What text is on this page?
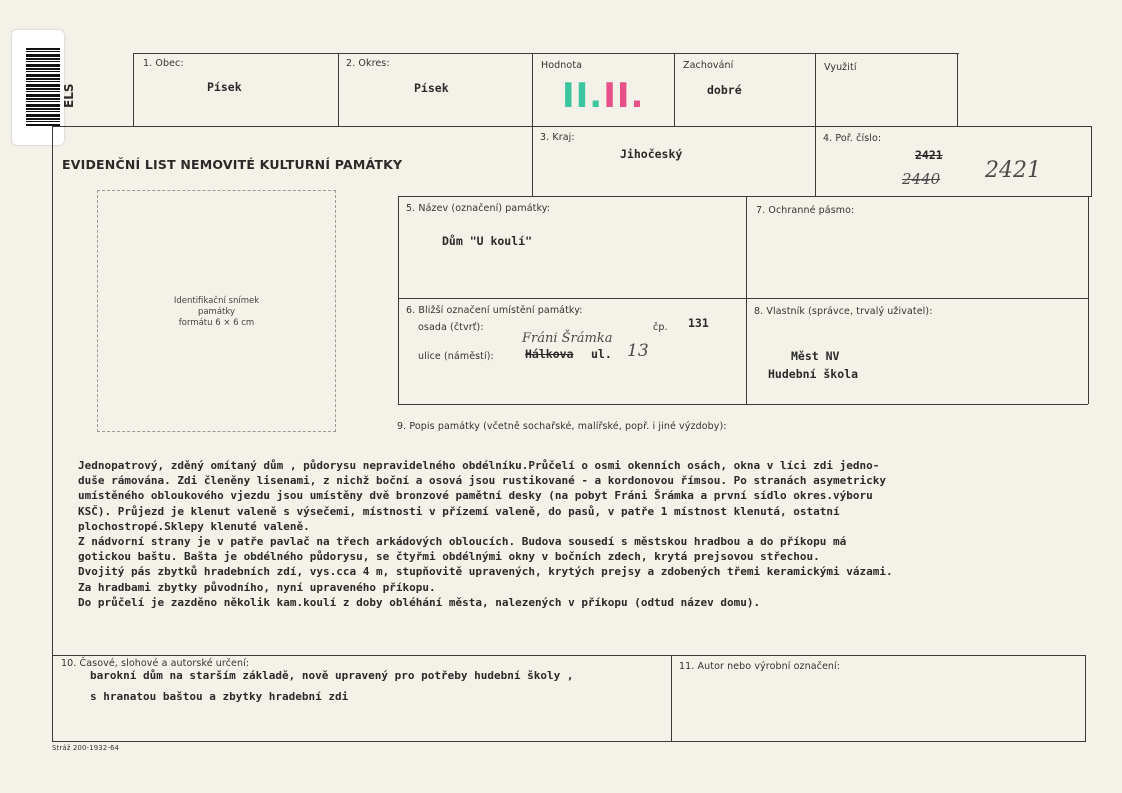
ELS
1. Obec:
Písek
2. Okres:
Písek
Hodnota
II.II.
Zachování
dobré
Využití
EVIDENČNÍ LIST NEMOVITÉ KULTURNÍ PAMÁTKY
3. Kraj:
Jihočeský
4. Poř. číslo:
2421
2440 2421
Identifikační snímek
památky
formátu 6 × 6 cm
5. Název (označení) památky:
Dům "U koulí"
7. Ochranné pásmo:
6. Bližší označení umístění památky:
osada (čtvrť):	čp. 131
ulice (náměstí):
Fráni Šrámka
Hálkova ul. 13
8. Vlastník (správce, trvalý uživatel):
Měst NV
Hudební škola
9. Popis památky (včetně sochařské, malířské, popř. i jiné výzdoby):
Jednopatrový, zděný omítaný dům , půdorysu nepravidelného obdélníku.Průčelí o osmi okenních osách, okna v líci zdi jedno-
duše rámována. Zdi členěny lisenami, z nichž boční a osová jsou rustikované - a kordonovou římsou. Po stranách asymetricky
umístěného obloukového vjezdu jsou umístěny dvě bronzové pamětní desky (na pobyt Fráni Šrámka a první sídlo okres.výboru
KSČ). Průjezd je klenut valeně s výsečemi, místnosti v přízemí valeně, do pasů, v patře 1 místnost klenutá, ostatní
plochostropé.Sklepy klenuté valeně.
Z nádvorní strany je v patře pavlač na třech arkádových obloucích. Budova sousedí s městskou hradbou a do příkopu má
gotickou baštu. Bašta je obdélného půdorysu, se čtyřmi obdélnými okny v bočních zdech, krytá prejsovou střechou.
Dvojitý pás zbytků hradebních zdí, vys.cca 4 m, stupňovitě upravených, krytých prejsy a zdobených třemi keramickými vázami.
Za hradbami zbytky původního, nyní upraveného příkopu.
Do průčelí je zazděno několik kam.koulí z doby obléhání města, nalezených v příkopu (odtud název domu).
10. Časové, slohové a autorské určení:
barokní dům na starším základě, nově upravený pro potřeby hudební školy ,
s hranatou baštou a zbytky hradební zdi
11. Autor nebo výrobní označení:
Stráž 200-1932-64
